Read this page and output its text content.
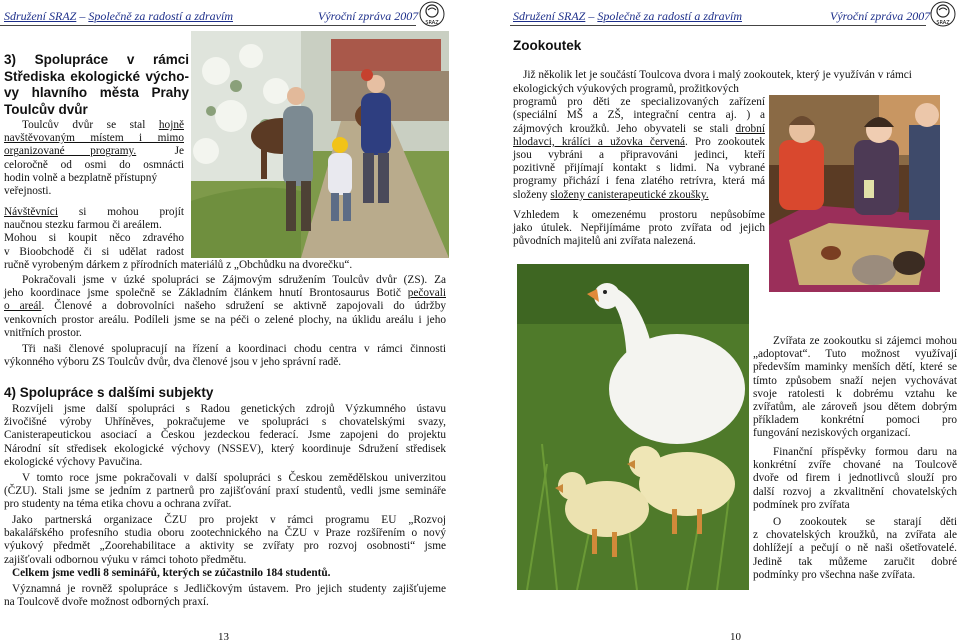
Sdružení SRAZ – Společně za radostí a zdravím	Výroční zpráva 2007 SRAZ
3) Spolupráce v rámci
Střediska ekologické výcho-
vy hlavního města Prahy
Toulcův dvůr
Toulcův dvůr se stal hojně
navštěvovaným místem i mimo
organizované      programy.         Je
celoročně od osmi do osmnácti
hodin volně a bezplatně přístupný
veřejnosti.
Návštěvníci si mohou projít
naučnou stezku farmou či areálem.
Mohou si koupit něco zdravého
v Bioobchodě či si udělat radost
ručně vyrobeným dárkem z přírodních materiálů z „Obchůdku na dvorečku“.
Pokračovali jsme v úzké spolupráci se Zájmovým sdružením Toulcův dvůr (ZS). Za
jeho koordinace jsme společně se Základním článkem hnutí Brontosaurus Botič pečovali
o areál. Členové a dobrovolníci našeho sdružení se aktivně zapojovali do údržby
venkovních prostor areálu. Podíleli jsme se na péči o zelené plochy, na úklidu areálu i jeho
vnitřních prostor.
Tři naši členové spolupracují na řízení a koordinaci chodu centra v rámci činnosti
výkonného výboru ZS Toulcův dvůr, dva členové jsou v jeho správní radě.
4) Spolupráce s dalšími subjekty
Rozvíjeli jsme další spolupráci s Radou genetických zdrojů Výzkumného ústavu
živočišné výroby Uhříněves, pokračujeme ve spolupráci s chovatelskými svazy,
Canisterapeutickou asociací a Českou jezdeckou federací. Jsme zapojeni do projektu
Národní sít středisek ekologické výchovy (NSSEV), který koordinuje Sdružení středisek
ekologické výchovy Pavučina.
V tomto roce jsme pokračovali v další spolupráci s Českou zemědělskou univerzitou
(ČZU). Stali jsme se jedním z partnerů pro zajišťování praxí studentů, vedli jsme semináře
pro studenty na téma etika chovu a ochrana zvířat.
Jako partnerská organizace ČZU pro projekt v rámci programu EU „Rozvoj
bakalářského profesního studia oboru zootechnického na ČZU v Praze rozšířením o nový
výukový předmět „Zoorehabilitace a aktivity se zvířaty pro rozvoj osobnosti“ jsme
zajišťovali odbornou výuku v rámci tohoto předmětu.
Celkem jsme vedli 8 seminářů, kterých se zúčastnilo 184 studentů.
Významná je rovněž spolupráce s Jedličkovým ústavem. Pro jejich studenty zajišťujeme
na Toulcově dvoře možnost odborných praxí.
13
Sdružení SRAZ – Společně za radostí a zdravím	Výroční zpráva 2007 SRAZ
Zookoutek
Již několik let je součástí Toulcova dvora i malý zookoutek, který je využíván v rámci
ekologických výukových programů, prožitkových
programů pro děti ze specializovaných zařízení
(speciální MŠ a ZŠ, integrační centra aj. ) a
zájmových kroužků. Jeho obyvateli se stali drobní
hlodavci, králíci a užovka červená. Pro zookoutek
jsou vybráni a připravováni jedinci, kteří
pozitivně přijímají kontakt s lidmi. Na vybrané
programy přichází i fena zlatého retrívra, která má
složeny složeny canisterapeutické zkoušky.
Vzhledem k omezenému prostoru nepůsobíme
jako útulek. Nepřijímáme proto zvířata od jejich
původních majitelů ani zvířata nalezená.
Zvířata ze zookoutku si zájemci mohou
„adoptovat“. Tuto možnost využívají
především maminky menších dětí, které se
tímto způsobem snaží nejen vychovávat
svoje ratolesti k dobrému vztahu ke
zvířatům, ale zároveň jsou dětem dobrým
příkladem konkrétní pomoci pro
fungování neziskových organizací.
Finanční příspěvky formou daru na
konkrétní zvíře chované na Toulcově
dvoře od firem i jednotlivců slouží pro
další rozvoj a zkvalitnění chovatelských
podmínek pro zvířata
O zookoutek se starají děti
z chovatelských kroužků, na zvířata ale
dohlížejí a pečují o ně naši ošetřovatelé.
Jedině tak můžeme zaručit dobré
podmínky pro všechna naše zvířata.
10
